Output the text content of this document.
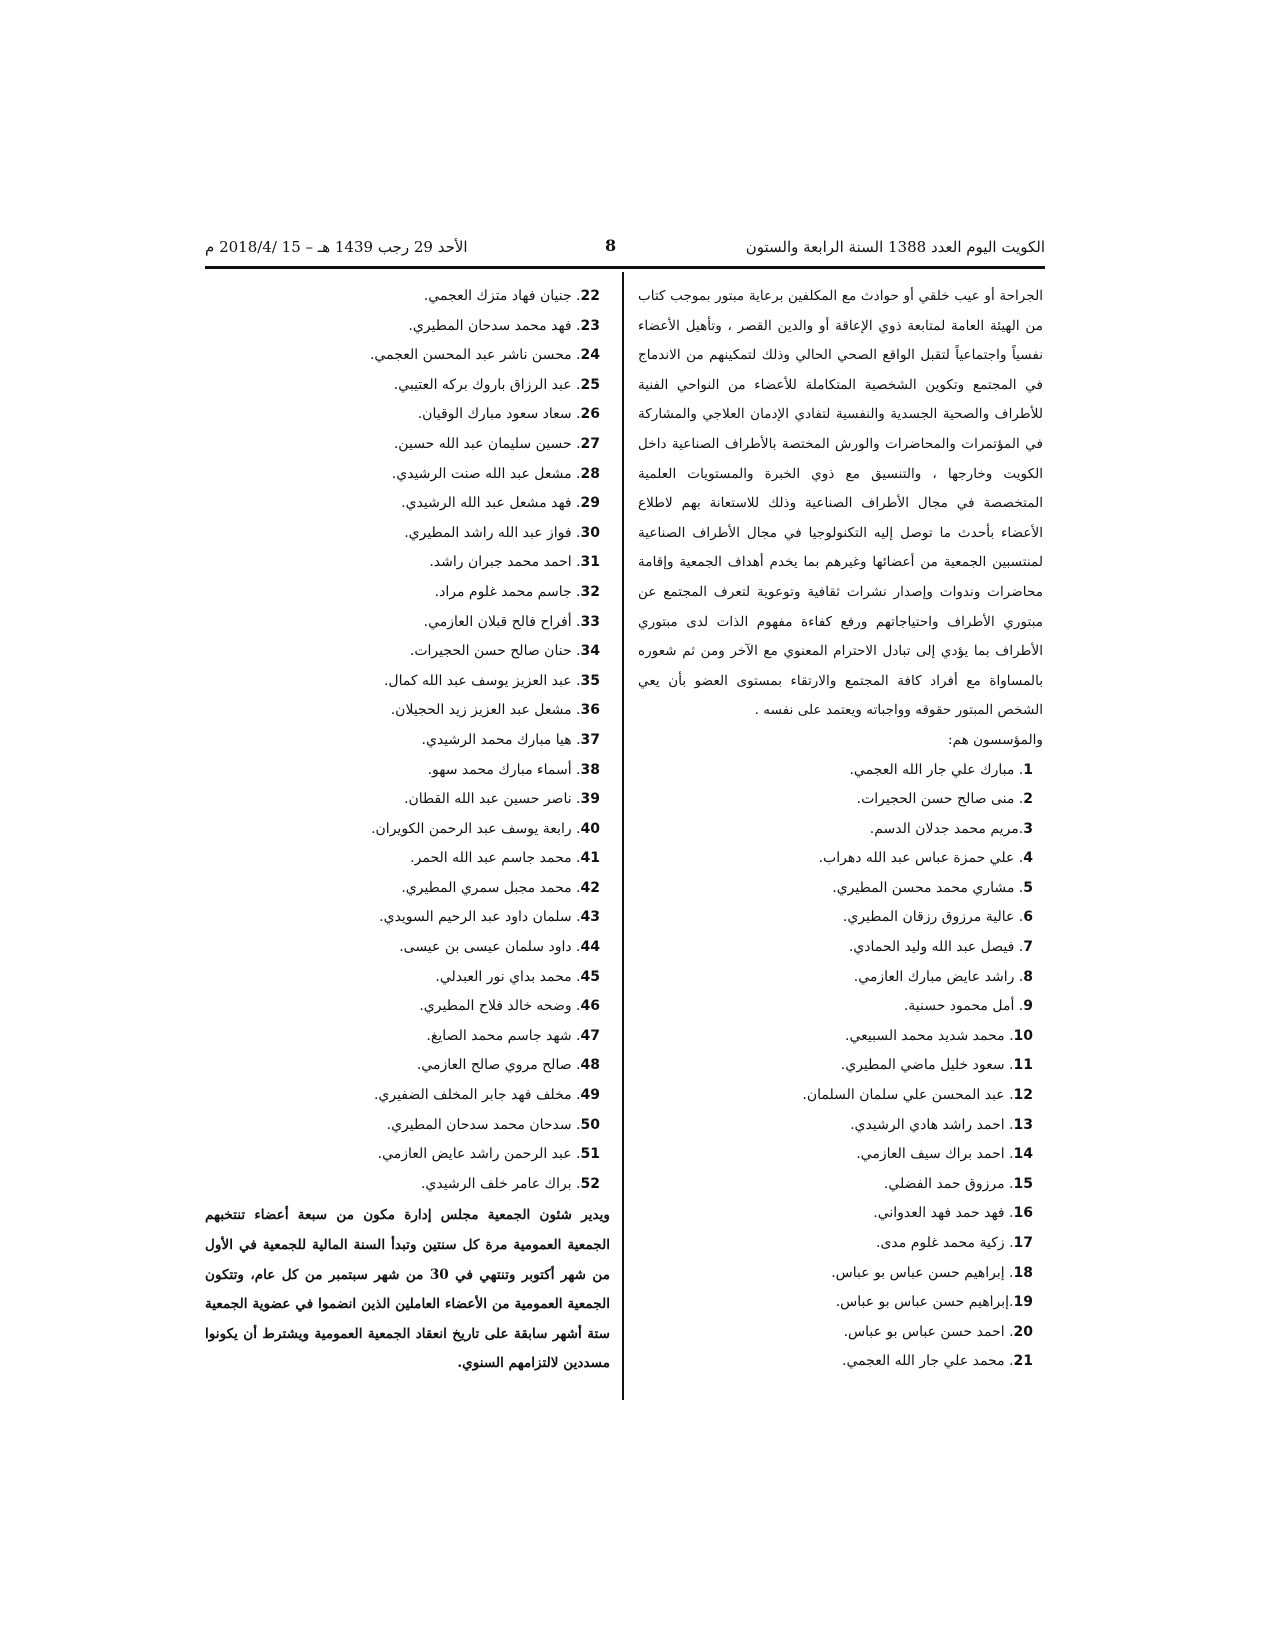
الكويت اليوم العدد 1388 السنة الرابعة والستون
8
الأحد 29 رجب 1439 هـ – 15 /2018/4 م

الجراحة أو عيب خلقي أو حوادث مع المكلفين برعاية مبتور بموجب كتاب من الهيئة العامة لمتابعة ذوي الإعاقة أو والدين القصر ، وتأهيل الأعضاء نفسياً واجتماعياً لتقبل الواقع الصحي الحالي وذلك لتمكينهم من الاندماج في المجتمع وتكوين الشخصية المتكاملة للأعضاء من النواحي الفنية للأطراف والصحية الجسدية والنفسية لتفادي الإدمان العلاجي والمشاركة في المؤتمرات والمحاضرات والورش المختصة بالأطراف الصناعية داخل الكويت وخارجها ، والتنسيق مع ذوي الخبرة والمستويات العلمية المتخصصة في مجال الأطراف الصناعية وذلك للاستعانة بهم لاطلاع الأعضاء بأحدث ما توصل إليه التكنولوجيا في مجال الأطراف الصناعية لمنتسبين الجمعية من أعضائها وغيرهم بما يخدم أهداف الجمعية وإقامة محاضرات وندوات وإصدار نشرات ثقافية وتوعوية لتعرف المجتمع عن مبتوري الأطراف واحتياجاتهم ورفع كفاءة مفهوم الذات لدى مبتوري الأطراف بما يؤدي إلى تبادل الاحترام المعنوي مع الآخر ومن ثم شعوره بالمساواة مع أفراد كافة المجتمع والارتقاء بمستوى العضو بأن يعي الشخص المبتور حقوقه وواجباته ويعتمد على نفسه .

والمؤسسون هم:

1. مبارك علي جار الله العجمي.
2. منى صالح حسن الحجيرات.
3.مريم محمد جدلان الدسم.
4. علي حمزة عباس عبد الله دهراب.
5. مشاري محمد محسن المطيري.
6. عالية مرزوق رزقان المطيري.
7. فيصل عبد الله وليد الحمادي.
8. راشد عايض مبارك العازمي.
9. أمل محمود حسنية.
10. محمد شديد محمد السبيعي.
11. سعود خليل ماضي المطيري.
12. عبد المحسن علي سلمان السلمان.
13. احمد راشد هادي الرشيدي.
14. احمد براك سيف العازمي.
15. مرزوق حمد الفضلي.
16. فهد حمد فهد العدواني.
17. زكية محمد غلوم مدى.
18. إبراهيم حسن عباس بو عباس.
19.إبراهيم حسن عباس بو عباس.
20. احمد حسن عباس بو عباس.
21. محمد علي جار الله العجمي.
22. جنيان فهاد متزك العجمي.
23. فهد محمد سدحان المطيري.
24. محسن ناشر عبد المحسن العجمي.
25. عبد الرزاق باروك بركه العتيبي.
26. سعاد سعود مبارك الوقيان.
27. حسين سليمان عبد الله حسين.
28. مشعل عبد الله صنت الرشيدي.
29. فهد مشعل عبد الله الرشيدي.
30. فواز عبد الله راشد المطيري.
31. احمد محمد جبران راشد.
32. جاسم محمد غلوم مراد.
33. أفراح فالح قبلان العازمي.
34. حنان صالح حسن الحجيرات.
35. عبد العزيز يوسف عبد الله كمال.
36. مشعل عبد العزيز زيد الحجيلان.
37. هيا مبارك محمد الرشيدي.
38. أسماء مبارك محمد سهو.
39. ناصر حسين عبد الله القطان.
40. رابعة يوسف عبد الرحمن الكويران.
41. محمد جاسم عبد الله الحمر.
42. محمد مجبل سمري المطيري.
43. سلمان داود عبد الرحيم السويدي.
44. داود سلمان عيسى بن عيسى.
45. محمد بداي نور العبدلي.
46. وضحه خالد فلاح المطيري.
47. شهد جاسم محمد الصايغ.
48. صالح مروي صالح العازمي.
49. مخلف فهد جابر المخلف الضفيري.
50. سدحان محمد سدحان المطيري.
51. عبد الرحمن راشد عايض العازمي.
52. براك عامر خلف الرشيدي.

ويدير شئون الجمعية مجلس إدارة مكون من سبعة أعضاء تنتخبهم الجمعية العمومية مرة كل سنتين وتبدأ السنة المالية للجمعية في الأول من شهر أكتوبر وتنتهي في 30 من شهر سبتمبر من كل عام، وتتكون الجمعية العمومية من الأعضاء العاملين الذين انضموا في عضوية الجمعية ستة أشهر سابقة على تاريخ انعقاد الجمعية العمومية ويشترط أن يكونوا مسددين لالتزامهم السنوي.
